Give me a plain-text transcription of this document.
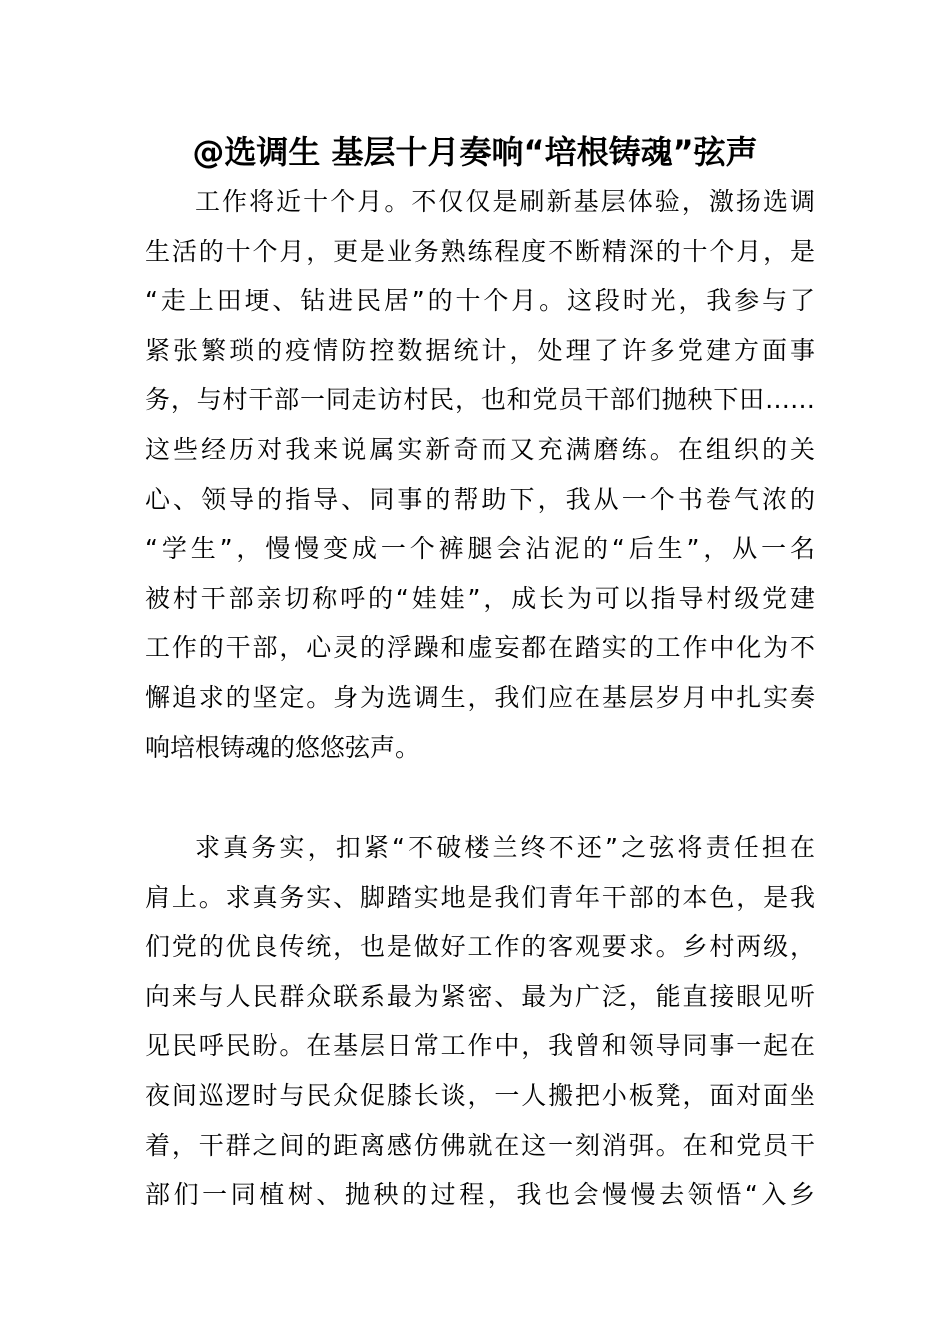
@选调生 基层十月奏响“培根铸魂”弦声
工作将近十个月。不仅仅是刷新基层体验，激扬选调
生活的十个月，更是业务熟练程度不断精深的十个月，是
“走上田埂、钻进民居”的十个月。这段时光，我参与了
紧张繁琐的疫情防控数据统计，处理了许多党建方面事
务，与村干部一同走访村民，也和党员干部们抛秧下田……
这些经历对我来说属实新奇而又充满磨练。在组织的关
心、领导的指导、同事的帮助下，我从一个书卷气浓的
“学生”，慢慢变成一个裤腿会沾泥的“后生”，从一名
被村干部亲切称呼的“娃娃”，成长为可以指导村级党建
工作的干部，心灵的浮躁和虚妄都在踏实的工作中化为不
懈追求的坚定。身为选调生，我们应在基层岁月中扎实奏
响培根铸魂的悠悠弦声。
求真务实，扣紧“不破楼兰终不还”之弦将责任担在
肩上。求真务实、脚踏实地是我们青年干部的本色，是我
们党的优良传统，也是做好工作的客观要求。乡村两级，
向来与人民群众联系最为紧密、最为广泛，能直接眼见听
见民呼民盼。在基层日常工作中，我曾和领导同事一起在
夜间巡逻时与民众促膝长谈，一人搬把小板凳，面对面坐
着，干群之间的距离感仿佛就在这一刻消弭。在和党员干
部们一同植树、抛秧的过程，我也会慢慢去领悟“入乡
